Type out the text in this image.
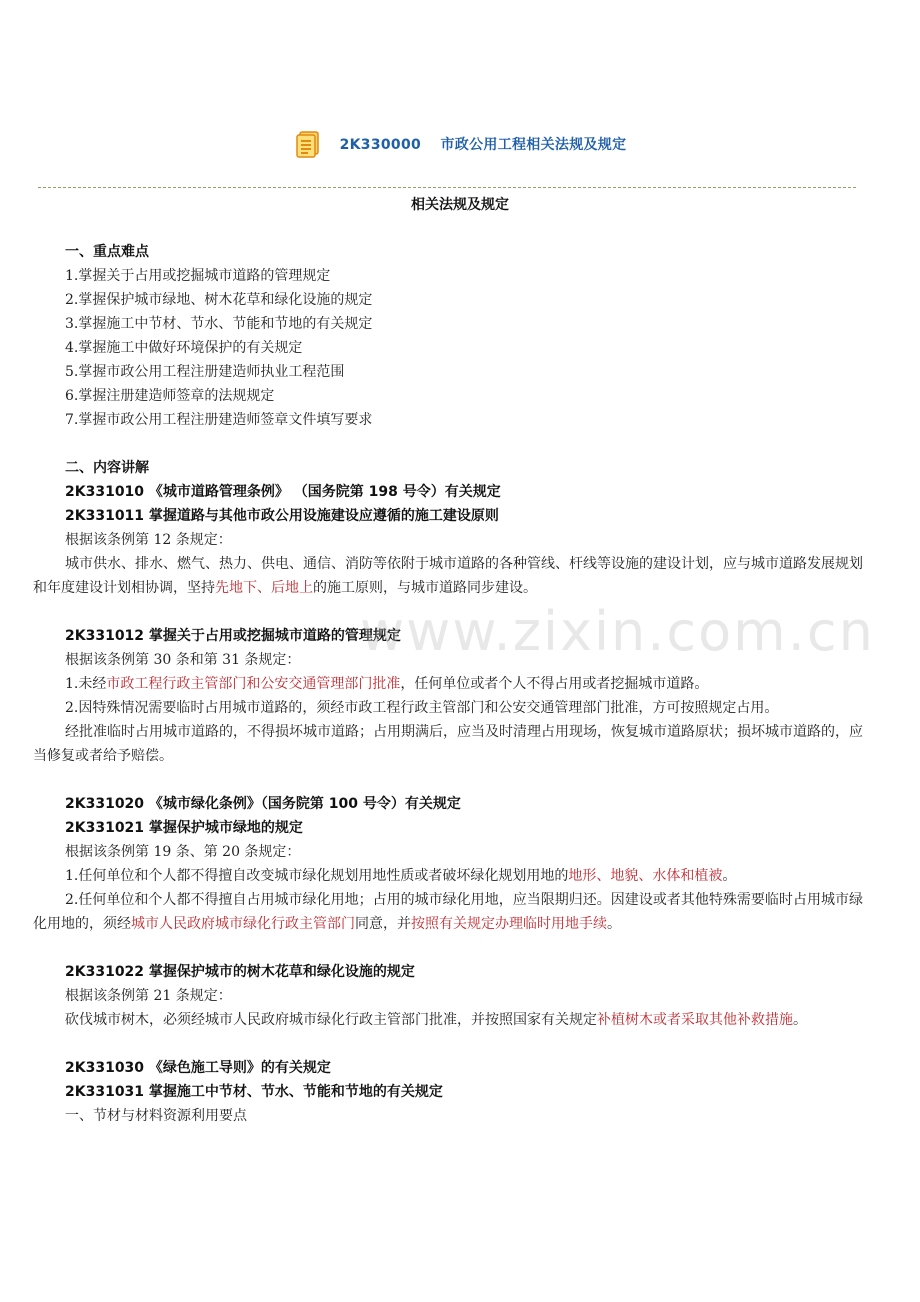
2K330000　 市政公用工程相关法规及规定
相关法规及规定

一、重点难点

1.掌握关于占用或挖掘城市道路的管理规定

2.掌握保护城市绿地、树木花草和绿化设施的规定

3.掌握施工中节材、节水、节能和节地的有关规定

4.掌握施工中做好环境保护的有关规定

5.掌握市政公用工程注册建造师执业工程范围

6.掌握注册建造师签章的法规规定

7.掌握市政公用工程注册建造师签章文件填写要求

二、内容讲解

2K331010 《城市道路管理条例》 （国务院第 198 号令）有关规定

2K331011 掌握道路与其他市政公用设施建设应遵循的施工建设原则

根据该条例第 12 条规定：

城市供水、排水、燃气、热力、供电、通信、消防等依附于城市道路的各种管线、杆线等设施的建设计划，应与城市道路发展规划和年度建设计划相协调，坚持先地下、后地上的施工原则，与城市道路同步建设。

2K331012 掌握关于占用或挖掘城市道路的管理规定

根据该条例第 30 条和第 31 条规定：

1.未经市政工程行政主管部门和公安交通管理部门批准，任何单位或者个人不得占用或者挖掘城市道路。

2.因特殊情况需要临时占用城市道路的，须经市政工程行政主管部门和公安交通管理部门批准，方可按照规定占用。

经批准临时占用城市道路的，不得损坏城市道路；占用期满后，应当及时清理占用现场，恢复城市道路原状；损坏城市道路的，应当修复或者给予赔偿。

2K331020 《城市绿化条例》（国务院第 100 号令）有关规定

2K331021 掌握保护城市绿地的规定

根据该条例第 19 条、第 20 条规定：

1.任何单位和个人都不得擅自改变城市绿化规划用地性质或者破坏绿化规划用地的地形、地貌、水体和植被。

2.任何单位和个人都不得擅自占用城市绿化用地；占用的城市绿化用地，应当限期归还。因建设或者其他特殊需要临时占用城市绿化用地的，须经城市人民政府城市绿化行政主管部门同意，并按照有关规定办理临时用地手续。

2K331022 掌握保护城市的树木花草和绿化设施的规定

根据该条例第 21 条规定：

砍伐城市树木，必须经城市人民政府城市绿化行政主管部门批准，并按照国家有关规定补植树木或者采取其他补救措施。

2K331030 《绿色施工导则》的有关规定

2K331031 掌握施工中节材、节水、节能和节地的有关规定

一、节材与材料资源利用要点

www.zixin.com.cn
